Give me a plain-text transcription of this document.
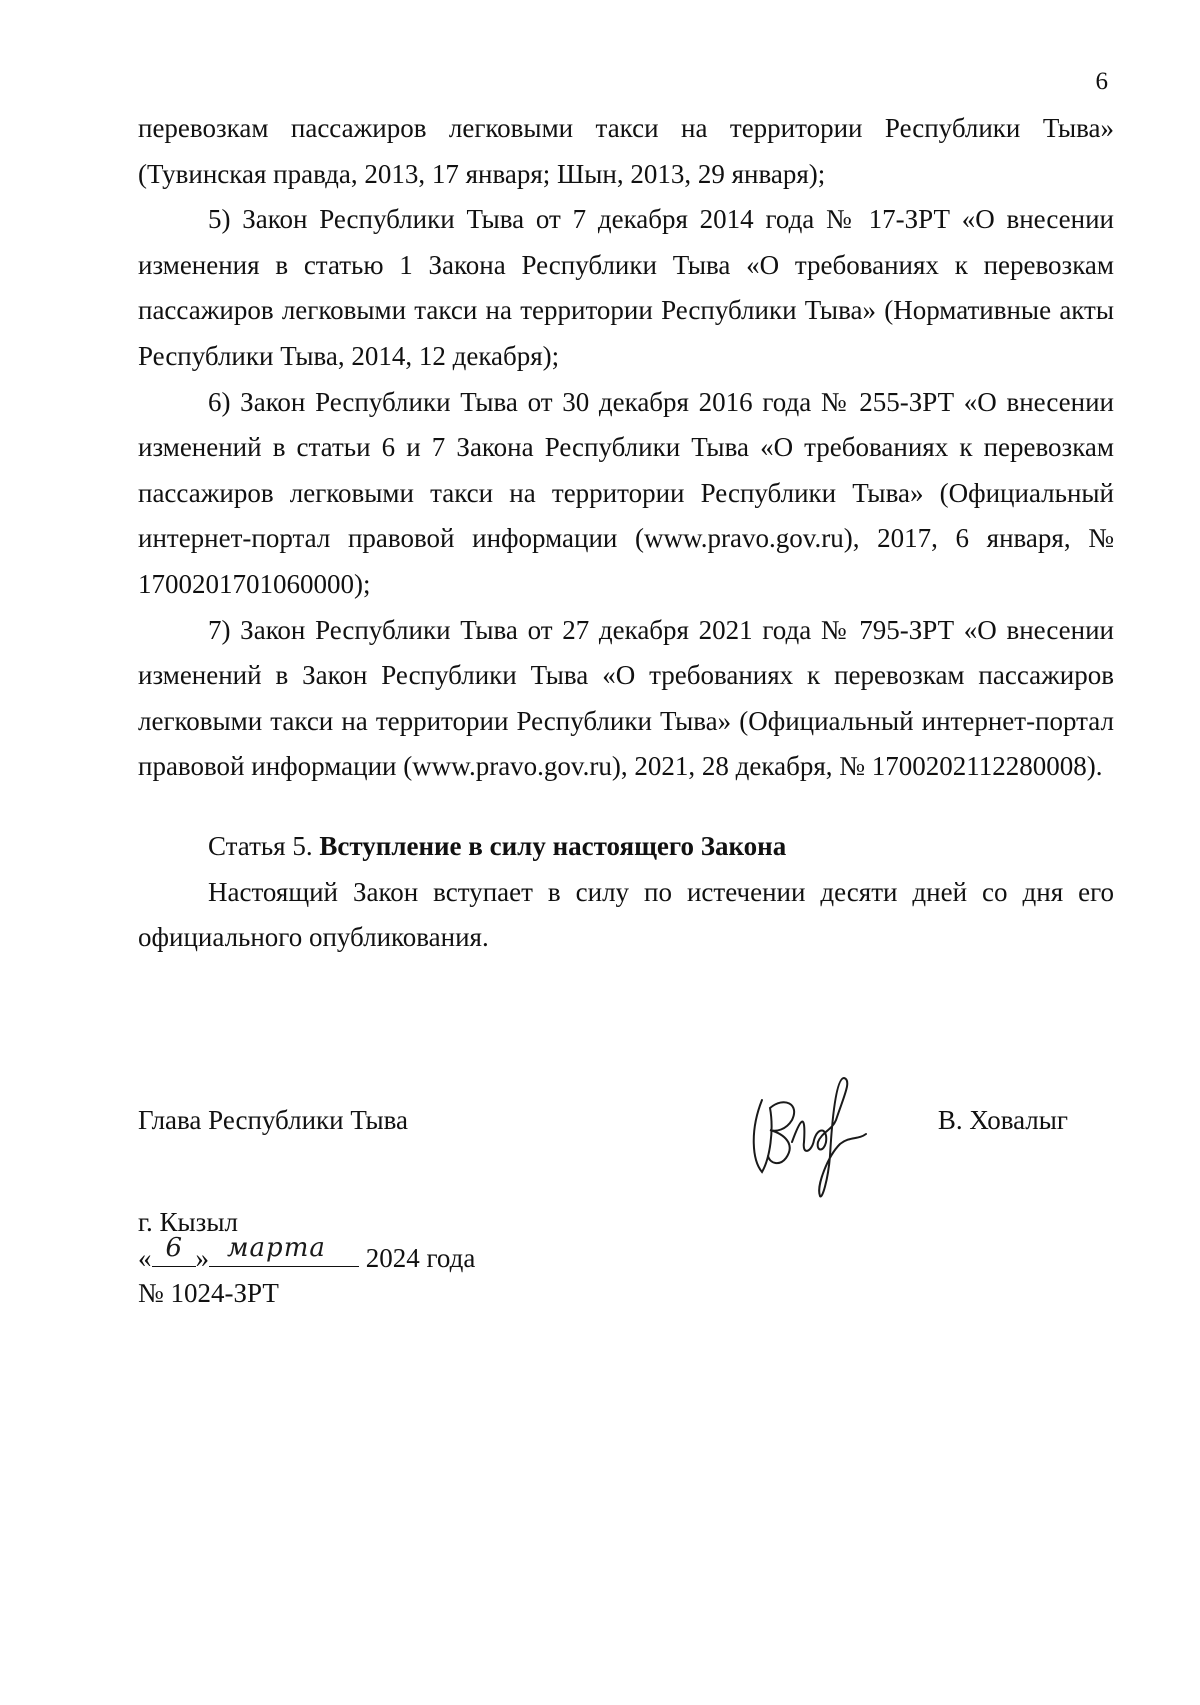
6

перевозкам пассажиров легковыми такси на территории Республики Тыва» (Тувинская правда, 2013, 17 января; Шын, 2013, 29 января);

5) Закон Республики Тыва от 7 декабря 2014 года № 17-ЗРТ «О внесении изменения в статью 1 Закона Республики Тыва «О требованиях к перевозкам пассажиров легковыми такси на территории Республики Тыва» (Нормативные акты Республики Тыва, 2014, 12 декабря);

6) Закон Республики Тыва от 30 декабря 2016 года № 255-ЗРТ «О внесении изменений в статьи 6 и 7 Закона Республики Тыва «О требованиях к перевозкам пассажиров легковыми такси на территории Республики Тыва» (Официальный интернет-портал правовой информации (www.pravo.gov.ru), 2017, 6 января, № 1700201701060000);

7) Закон Республики Тыва от 27 декабря 2021 года № 795-ЗРТ «О внесении изменений в Закон Республики Тыва «О требованиях к перевозкам пассажиров легковыми такси на территории Республики Тыва» (Официальный интернет-портал правовой информации (www.pravo.gov.ru), 2021, 28 декабря, № 1700202112280008).

Статья 5. Вступление в силу настоящего Закона

Настоящий Закон вступает в силу по истечении десяти дней со дня его официального опубликования.

Глава Республики Тыва	В. Ховалыг
г. Кызыл
« 6 » марта 2024 года
№ 1024-ЗРТ
